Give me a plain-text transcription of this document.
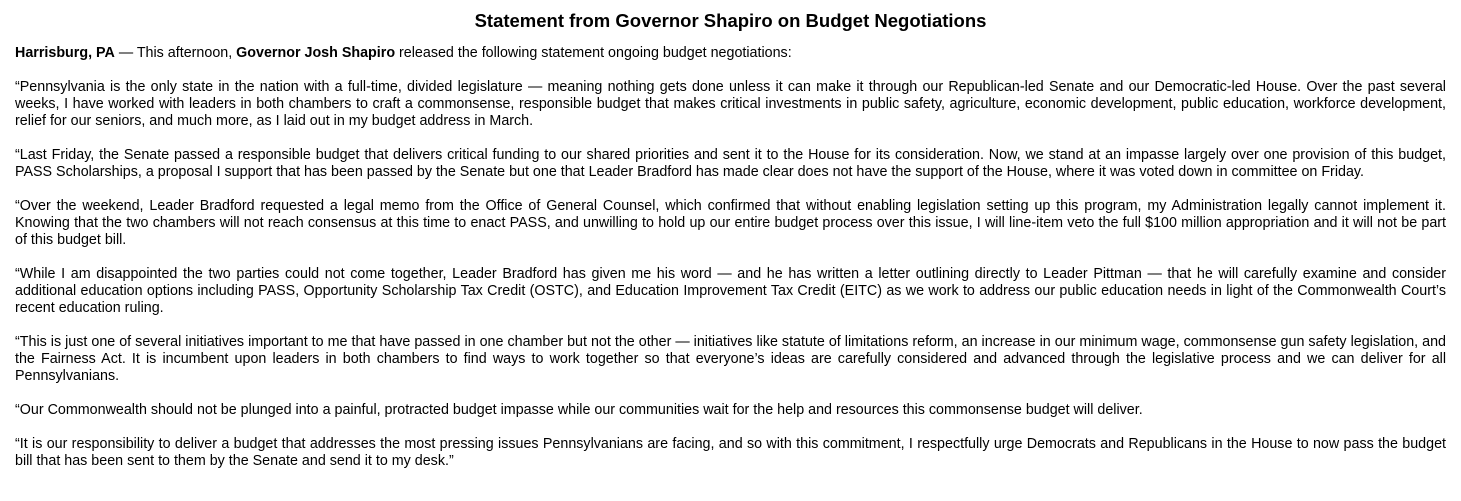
Statement from Governor Shapiro on Budget Negotiations

Harrisburg, PA — This afternoon, Governor Josh Shapiro released the following statement ongoing budget negotiations:

“Pennsylvania is the only state in the nation with a full-time, divided legislature — meaning nothing gets done unless it can make it through our Republican-led Senate and our Democratic-led House. Over the past several weeks, I have worked with leaders in both chambers to craft a commonsense, responsible budget that makes critical investments in public safety, agriculture, economic development, public education, workforce development, relief for our seniors, and much more, as I laid out in my budget address in March.

“Last Friday, the Senate passed a responsible budget that delivers critical funding to our shared priorities and sent it to the House for its consideration. Now, we stand at an impasse largely over one provision of this budget, PASS Scholarships, a proposal I support that has been passed by the Senate but one that Leader Bradford has made clear does not have the support of the House, where it was voted down in committee on Friday.

“Over the weekend, Leader Bradford requested a legal memo from the Office of General Counsel, which confirmed that without enabling legislation setting up this program, my Administration legally cannot implement it. Knowing that the two chambers will not reach consensus at this time to enact PASS, and unwilling to hold up our entire budget process over this issue, I will line-item veto the full $100 million appropriation and it will not be part of this budget bill.

“While I am disappointed the two parties could not come together, Leader Bradford has given me his word — and he has written a letter outlining directly to Leader Pittman — that he will carefully examine and consider additional education options including PASS, Opportunity Scholarship Tax Credit (OSTC), and Education Improvement Tax Credit (EITC) as we work to address our public education needs in light of the Commonwealth Court’s recent education ruling.

“This is just one of several initiatives important to me that have passed in one chamber but not the other — initiatives like statute of limitations reform, an increase in our minimum wage, commonsense gun safety legislation, and the Fairness Act. It is incumbent upon leaders in both chambers to find ways to work together so that everyone’s ideas are carefully considered and advanced through the legislative process and we can deliver for all Pennsylvanians.

“Our Commonwealth should not be plunged into a painful, protracted budget impasse while our communities wait for the help and resources this commonsense budget will deliver.

“It is our responsibility to deliver a budget that addresses the most pressing issues Pennsylvanians are facing, and so with this commitment, I respectfully urge Democrats and Republicans in the House to now pass the budget bill that has been sent to them by the Senate and send it to my desk.”
